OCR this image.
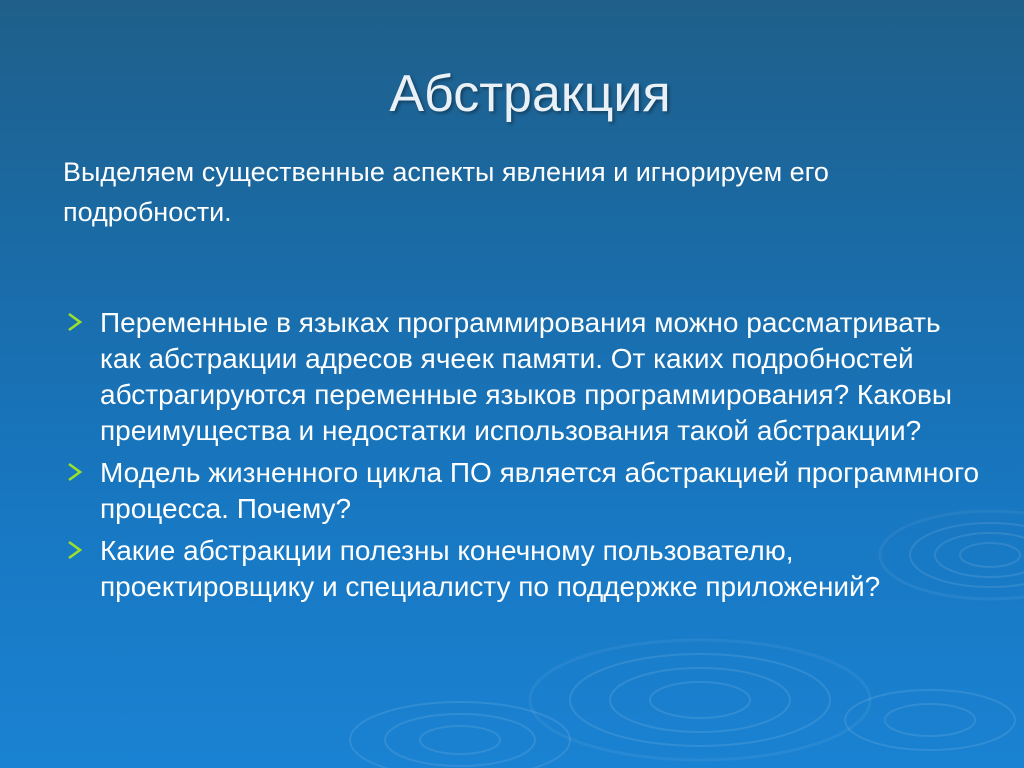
Абстракция
Выделяем существенные аспекты явления и игнорируем его подробности.
Переменные в языках программирования можно рассматривать как абстракции адресов ячеек памяти. От каких подробностей абстрагируются переменные языков программирования? Каковы преимущества и недостатки использования такой абстракции?
Модель жизненного цикла ПО является абстракцией программного процесса. Почему?
Какие абстракции полезны конечному пользователю, проектировщику и специалисту по поддержке приложений?
